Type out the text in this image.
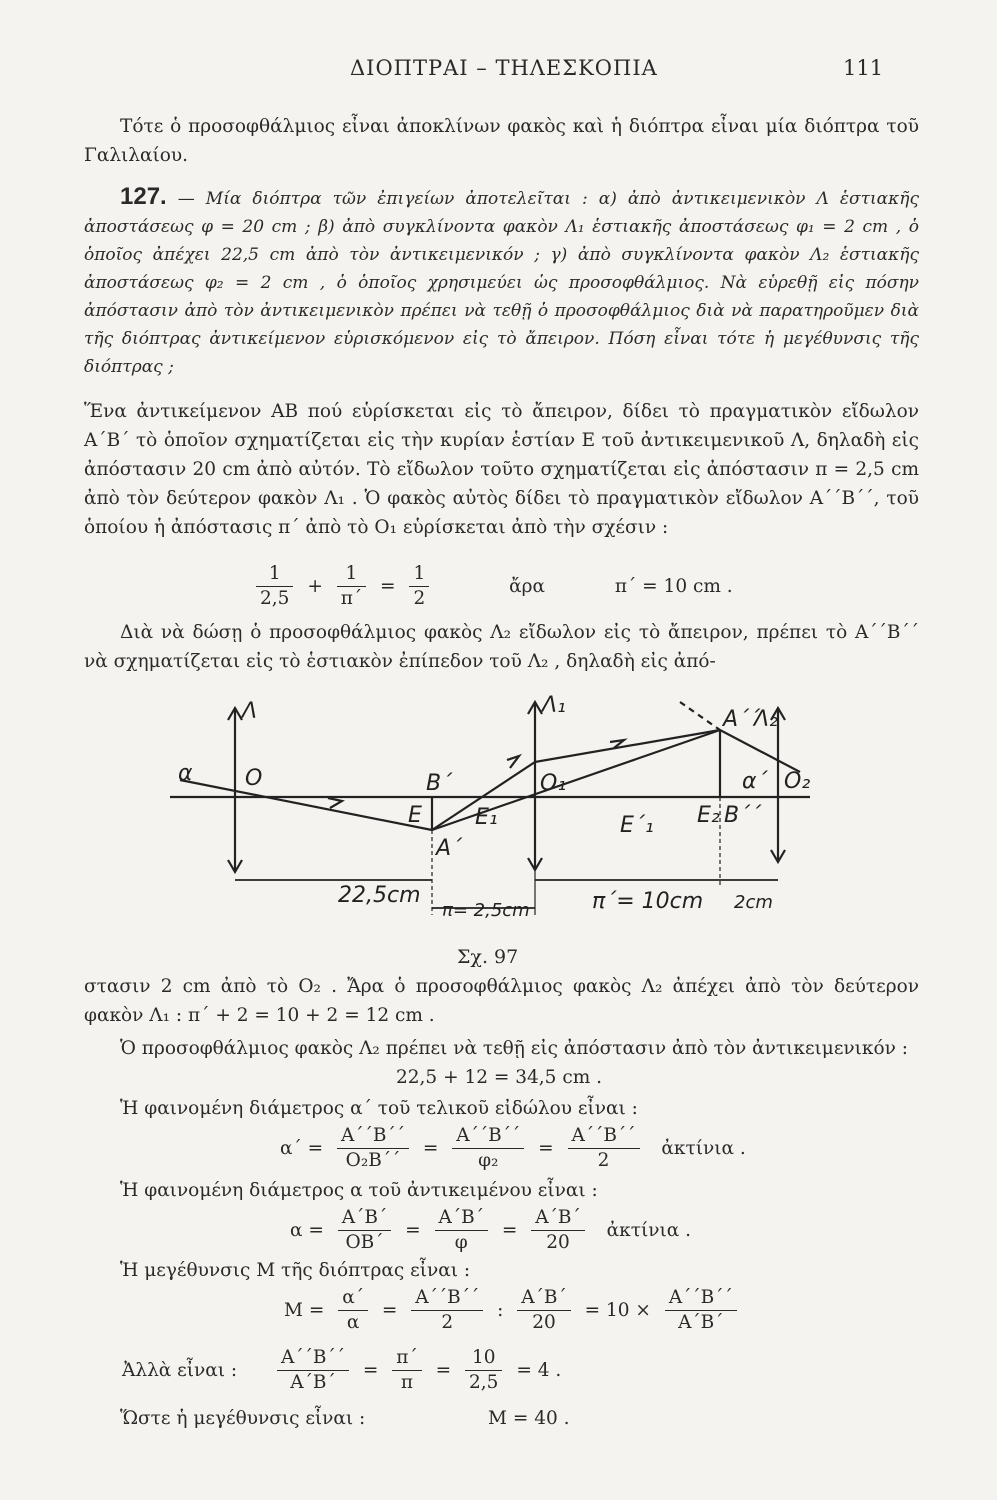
ΔΙΟΠΤΡΑΙ – ΤΗΛΕΣΚΟΠΙΑ	111
Τότε ὁ προσοφθάλμιος εἶναι ἀποκλίνων φακὸς καὶ ἡ διόπτρα εἶναι μία διόπτρα τοῦ Γαλιλαίου.
127. — Μία διόπτρα τῶν ἐπιγείων ἀποτελεῖται : α) ἀπὸ ἀντικειμενικὸν Λ ἑστιακῆς ἀποστάσεως φ = 20 cm ; β) ἀπὸ συγκλίνοντα φακὸν Λ₁ ἑστιακῆς ἀποστάσεως φ₁ = 2 cm , ὁ ὁποῖος ἀπέχει 22,5 cm ἀπὸ τὸν ἀντικειμενικόν ; γ) ἀπὸ συγκλίνοντα φακὸν Λ₂ ἑστιακῆς ἀποστάσεως φ₂ = 2 cm , ὁ ὁποῖος χρησιμεύει ὡς προσοφθάλμιος. Νὰ εὑρεθῇ εἰς πόσην ἀπόστασιν ἀπὸ τὸν ἀντικειμενικὸν πρέπει νὰ τεθῇ ὁ προσοφθάλμιος διὰ νὰ παρατηροῦμεν διὰ τῆς διόπτρας ἀντικείμενον εὑρισκόμενον εἰς τὸ ἄπειρον. Πόση εἶναι τότε ἡ μεγέθυνσις τῆς διόπτρας ;
Ἕνα ἀντικείμενον ΑΒ πού εὑρίσκεται εἰς τὸ ἄπειρον, δίδει τὸ πραγματικὸν εἴδωλον Α΄Β΄ τὸ ὁποῖον σχηματίζεται εἰς τὴν κυρίαν ἑστίαν Ε τοῦ ἀντικειμενικοῦ Λ, δηλαδὴ εἰς ἀπόστασιν 20 cm ἀπὸ αὐτόν. Τὸ εἴδωλον τοῦτο σχηματίζεται εἰς ἀπόστασιν π = 2,5 cm ἀπὸ τὸν δεύτερον φακὸν Λ₁ . Ὁ φακὸς αὐτὸς δίδει τὸ πραγματικὸν εἴδωλον Α΄΄Β΄΄, τοῦ ὁποίου ἡ ἀπόστασις π΄ ἀπὸ τὸ Ο₁ εὑρίσκεται ἀπὸ τὴν σχέσιν :
$\frac{1}{2,5} + \frac{1}{\pi΄} = \frac{1}{2}$	ἄρα	π΄ = 10 cm .
Διὰ νὰ δώσῃ ὁ προσοφθάλμιος φακὸς Λ₂ εἴδωλον εἰς τὸ ἄπειρον, πρέπει τὸ Α΄΄Β΄΄ νὰ σχηματίζεται εἰς τὸ ἑστιακὸν ἐπίπεδον τοῦ Λ₂ , δηλαδὴ εἰς ἀπό-
Λ	Λ₁
A΄΄
Λ₂
α O	B΄	O₁	α΄ O₂
E E₁	E΄₁ E₂ B΄΄
A΄
22,5cm
π= 2,5cm	π΄= 10cm 2cm
Σχ. 97
στασιν 2 cm ἀπὸ τὸ Ο₂ . Ἄρα ὁ προσοφθάλμιος φακὸς Λ₂ ἀπέχει ἀπὸ τὸν δεύτερον φακὸν Λ₁ : π΄ + 2 = 10 + 2 = 12 cm .
Ὁ προσοφθάλμιος φακὸς Λ₂ πρέπει νὰ τεθῇ εἰς ἀπόστασιν ἀπὸ τὸν ἀντικειμενικόν :
22,5 + 12 = 34,5 cm .
Ἡ φαινομένη διάμετρος α΄ τοῦ τελικοῦ εἰδώλου εἶναι :
$\alpha΄ = \frac{A΄΄B΄΄}{\text{Ο₂Β΄΄}} = \frac{A΄΄B΄΄}{\text{φ₂}} = \frac{A΄΄B΄΄}{2}$ ἀκτίνια .
Ἡ φαινομένη διάμετρος α τοῦ ἀντικειμένου εἶναι :
$\alpha = \frac{A΄B΄}{OB΄} = \frac{A΄B΄}{\varphi} = \frac{A΄B΄}{20}$ ἀκτίνια .
Ἡ μεγέθυνσις Μ τῆς διόπτρας εἶναι :
$M = \frac{\alpha΄}{\alpha} = \frac{A΄΄B΄΄}{2}$ : $\frac{A΄B΄}{20} = 10 \times \frac{A΄΄B΄΄}{A΄B΄}$
Ἀλλὰ εἶναι : $\frac{A΄΄B΄΄}{A΄B΄} = \frac{\pi΄}{\pi} = \frac{10}{2,5} = 4$ .
Ὥστε ἡ μεγέθυνσις εἶναι :	Μ = 40 .
